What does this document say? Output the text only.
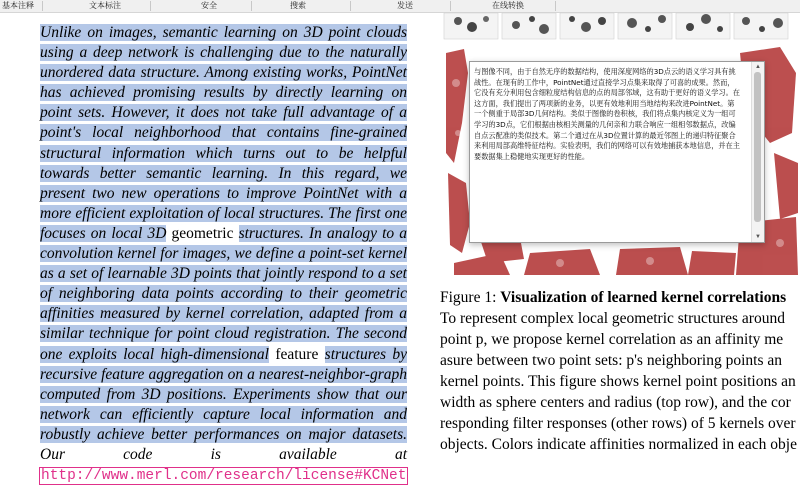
基本注释	文本标注	安全	搜索	发送	在线转换
Unlike on images, semantic learning on 3D point clouds using a deep network is challenging due to the naturally unordered data structure. Among existing works, PointNet has achieved promising results by directly learning on point sets. However, it does not take full advantage of a point's local neighborhood that contains fine-grained structural information which turns out to be helpful towards better semantic learning. In this regard, we present two new operations to improve PointNet with a more efficient exploitation of local structures. The first one focuses on local 3D geometric structures. In analogy to a convolution kernel for images, we define a point-set kernel as a set of learnable 3D points that jointly respond to a set of neighboring data points according to their geometric affinities measured by kernel correlation, adapted from a similar technique for point cloud registration. The second one exploits local high-dimensional feature structures by recursive feature aggregation on a nearest-neighbor-graph computed from 3D positions. Experiments show that our network can efficiently capture local information and robustly achieve better performances on major datasets. Our code is available at http://www.merl.com/research/license#KCNet
与图像不同，由于自然无序的数据结构，使用深度网络的3D点云的语义学习具有挑战性。在现有的工作中，PointNet通过直接学习点集来取得了可喜的成果。然而，它没有充分利用包含细粒度结构信息的点的局部邻域，这有助于更好的语义学习。在这方面，我们提出了两项新的业务，以更有效地利用当地结构来改进PointNet。第一个侧重于局部3D几何结构。类似于图像的卷积核，我们将点集内核定义为一组可学习的3D点，它们根据由核相关测量的几何亲和力联合响应一组相邻数据点，改编自点云配准的类似技术。第二个通过在从3D位置计算的最近邻图上的递归特征聚合来利用局部高维特征结构。实验表明，我们的网络可以有效地捕获本地信息，并在主要数据集上稳健地实现更好的性能。
▲
▼
Figure 1: Visualization of learned kernel correlations
To represent complex local geometric structures around
point p, we propose kernel correlation as an affinity me
asure between two point sets: p's neighboring points an
kernel points. This figure shows kernel point positions an
width as sphere centers and radius (top row), and the cor
responding filter responses (other rows) of 5 kernels over
objects. Colors indicate affinities normalized in each obje
